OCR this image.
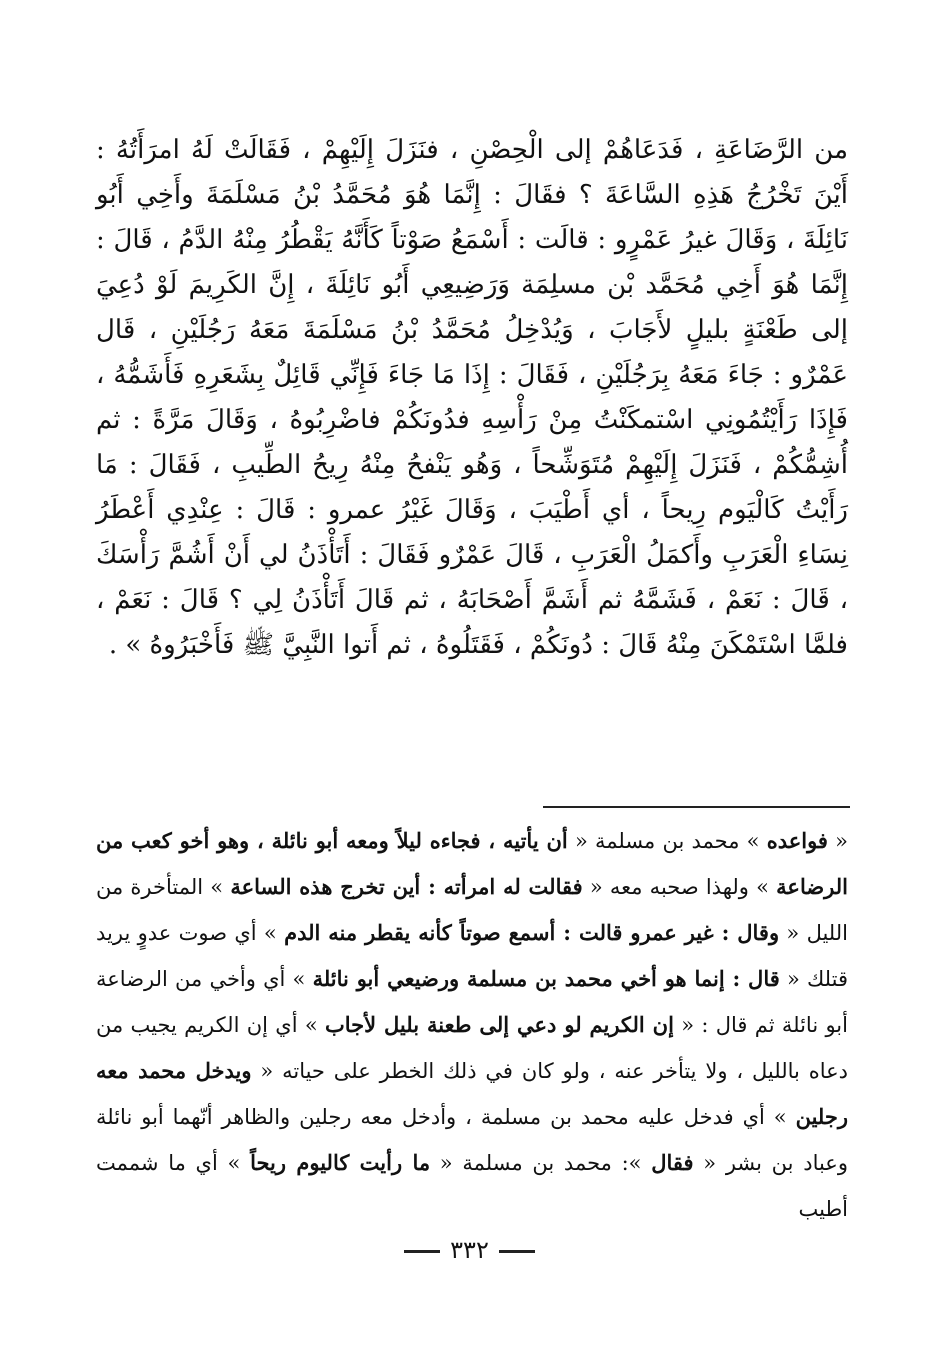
من الرَّضَاعَةِ ، فَدَعَاهُمْ إلى الْحِصْنِ ، فنَزَلَ إِلَيْهِمْ ، فَقَالَتْ لَهُ امرَأَتُهُ : أَيْنَ تَخْرُجُ هَذِهِ السَّاعَةَ ؟ فقَالَ : إِنَّمَا هُوَ مُحَمَّدُ بْنُ مَسْلَمَةَ وأَخِي أَبُو نَائِلَةَ ، وَقَالَ غيرُ عَمْرٍو : قالَت : أَسْمَعُ صَوْتاً كَأَنَّهُ يَقْطُرُ مِنْهُ الدَّمُ ، قَالَ : إِنَّمَا هُوَ أَخِي مُحَمَّد بْن مسلِمَة وَرَضِيعِي أَبُو نَائِلَةَ ، إِنَّ الكَرِيمَ لَوْ دُعِيَ إلى طَعْنَةٍ بليلٍ لأَجَابَ ، وَيُدْخِلُ مُحَمَّدُ بْنُ مَسْلَمَةَ مَعَهُ رَجُلَيْنِ ، قَال عَمْرٌو : جَاءَ مَعَهُ بِرَجُلَيْنِ ، فَقَالَ : إِذَا مَا جَاءَ فَإِنِّي قَائِلٌ بِشَعَرِهِ فَأَشَمُّهُ ، فَإِذَا رَأَيْتُمُونِي اسْتمكَنْتُ مِنْ رَأْسِهِ فدُونَكُمْ فاضْرِبُوهُ ، وَقَالَ مَرَّةً : ثم أُشِمُّكُمْ ، فَنَزَلَ إِلَيْهِمْ مُتَوَشِّحاً ، وَهُو يَنْفحُ مِنْهُ رِيحُ الطِّيبِ ، فَقَالَ : مَا رَأَيْتُ كَالْيَوم رِيحاً ، أي أَطْيَبَ ، وَقَالَ غَيْرُ عمرو : قَالَ : عِنْدِي أَعْطَرُ نِسَاءِ الْعَرَبِ وأَكمَلُ الْعَرَبِ ، قَالَ عَمْرٌو فَقَالَ : أَتَأْذَنُ لي أَنْ أَشُمَّ رَأْسَكَ ، قَالَ : نَعَمْ ، فَشَمَّهُ ثم أَشَمَّ أَصْحَابَهُ ، ثم قَالَ أَتَأْذَنُ لِي ؟ قَالَ : نَعَمْ ، فلمَّا اسْتَمْكَنَ مِنْهُ قَالَ : دُونَكُمْ ، فَقَتَلُوهُ ، ثم أَتوا النَّبِيَّ ﷺ فَأَخْبَرُوهُ » .

« فواعده » محمد بن مسلمة « أن يأتيه ، فجاءه ليلاً ومعه أبو نائلة ، وهو أخو كعب من الرضاعة » ولهذا صحبه معه « فقالت له امرأته : أين تخرج هذه الساعة » المتأخرة من الليل « وقال : غير عمرو قالت : أسمع صوتاً كأنه يقطر منه الدم » أي صوت عدوٍ يريد قتلك « قال : إنما هو أخي محمد بن مسلمة ورضيعي أبو نائلة » أي وأخي من الرضاعة أبو نائلة ثم قال : « إن الكريم لو دعي إلى طعنة بليل لأجاب » أي إن الكريم يجيب من دعاه بالليل ، ولا يتأخر عنه ، ولو كان في ذلك الخطر على حياته « ويدخل محمد معه رجلين » أي فدخل عليه محمد بن مسلمة ، وأدخل معه رجلين والظاهر أنّهما أبو نائلة وعباد بن بشر « فقال »: محمد بن مسلمة « ما رأيت كاليوم ريحاً » أي ما شممت أطيب

٣٣٢
